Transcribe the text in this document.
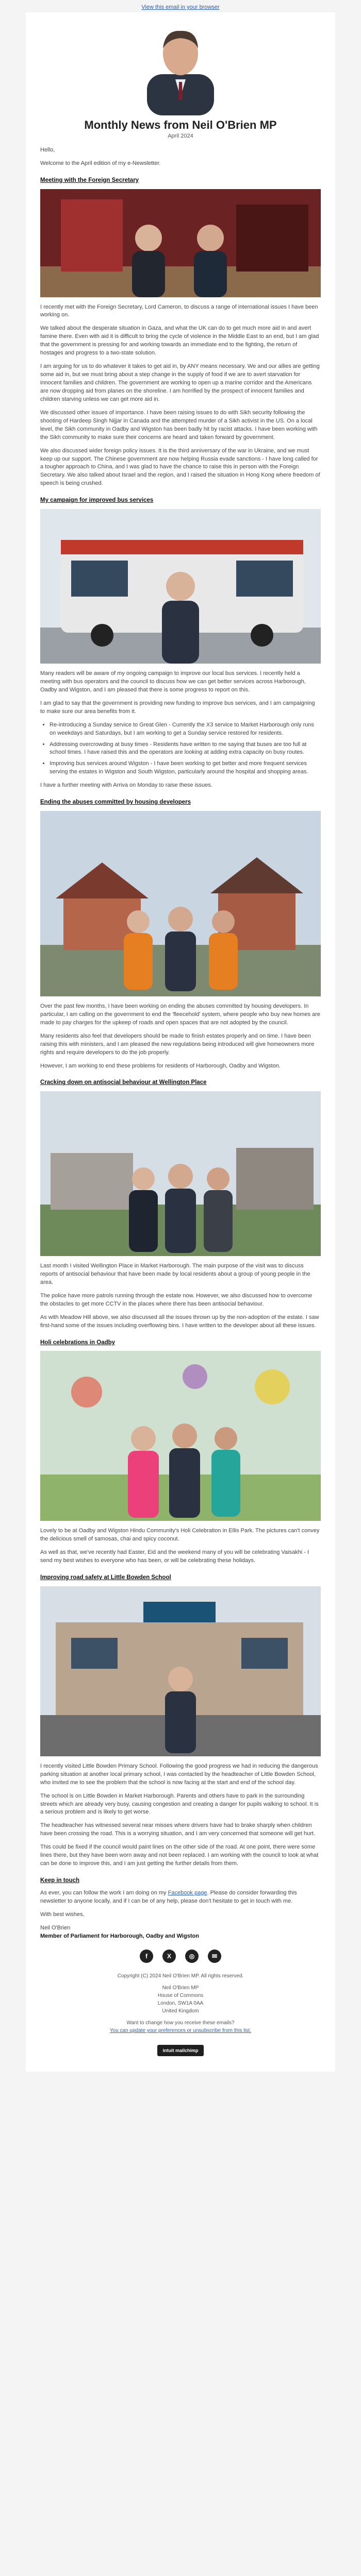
View this email in your browser
Monthly News from Neil O'Brien MP
April 2024

Hello,

Welcome to the April edition of my e-Newsletter.

Meeting with the Foreign Secretary

I recently met with the Foreign Secretary, Lord Cameron, to discuss a range of international issues I have been working on.

We talked about the desperate situation in Gaza, and what the UK can do to get much more aid in and avert famine there. Even with aid it is difficult to bring the cycle of violence in the Middle East to an end, but I am glad that the government is pressing for and working towards an immediate end to the fighting, the return of hostages and progress to a two-state solution.

I am arguing for us to do whatever it takes to get aid in, by ANY means necessary. We and our allies are getting some aid in, but we must bring about a step change in the supply of food if we are to avert starvation for innocent families and children. The government are working to open up a marine corridor and the Americans are now dropping aid from planes on the shoreline. I am horrified by the prospect of innocent families and children starving unless we can get more aid in.

We discussed other issues of importance. I have been raising issues to do with Sikh security following the shooting of Hardeep Singh Nijjar in Canada and the attempted murder of a Sikh activist in the US. On a local level, the Sikh community in Oadby and Wigston has been badly hit by racist attacks. I have been working with the Sikh community to make sure their concerns are heard and taken forward by government.

We also discussed wider foreign policy issues. It is the third anniversary of the war in Ukraine, and we must keep up our support. The Chinese government are now helping Russia evade sanctions - I have long called for a tougher approach to China, and I was glad to have the chance to raise this in person with the Foreign Secretary. We also talked about Israel and the region, and I raised the situation in Hong Kong where freedom of speech is being crushed.

My campaign for improved bus services

Many readers will be aware of my ongoing campaign to improve our local bus services. I recently held a meeting with bus operators and the council to discuss how we can get better services across Harborough, Oadby and Wigston, and I am pleased that there is some progress to report on this.

I am glad to say that the government is providing new funding to improve bus services, and I am campaigning to make sure our area benefits from it.

• Re-introducing a Sunday service to Great Glen - Currently the X3 service to Market Harborough only runs on weekdays and Saturdays, but I am working to get a Sunday service restored for residents.
• Addressing overcrowding at busy times - Residents have written to me saying that buses are too full at school times. I have raised this and the operators are looking at adding extra capacity on busy routes.
• Improving bus services around Wigston - I have been working to get better and more frequent services serving the estates in Wigston and South Wigston, particularly around the hospital and shopping areas.

I have a further meeting with Arriva on Monday to raise these issues.

Ending the abuses committed by housing developers

Over the past few months, I have been working on ending the abuses committed by housing developers. In particular, I am calling on the government to end the 'fleecehold' system, where people who buy new homes are made to pay charges for the upkeep of roads and open spaces that are not adopted by the council.

Many residents also feel that developers should be made to finish estates properly and on time. I have been raising this with ministers, and I am pleased the new regulations being introduced will give homeowners more rights and require developers to do the job properly.

However, I am working to end these problems for residents of Harborough, Oadby and Wigston.

Cracking down on antisocial behaviour at Wellington Place

Last month I visited Wellington Place in Market Harborough. The main purpose of the visit was to discuss reports of antisocial behaviour that have been made by local residents about a group of young people in the area.

The police have more patrols running through the estate now. However, we also discussed how to overcome the obstacles to get more CCTV in the places where there has been antisocial behaviour.

As with Meadow Hill above, we also discussed all the issues thrown up by the non-adoption of the estate. I saw first-hand some of the issues including overflowing bins. I have written to the developer about all these issues.

Holi celebrations in Oadby

Lovely to be at Oadby and Wigston Hindu Community's Holi Celebration in Ellis Park. The pictures can't convey the delicious smell of samosas, chai and spicy coconut.

As well as that, we've recently had Easter, Eid and the weekend many of you will be celebrating Vaisakhi - I send my best wishes to everyone who has been, or will be celebrating these holidays.

Improving road safety at Little Bowden School

I recently visited Little Bowden Primary School. Following the good progress we had in reducing the dangerous parking situation at another local primary school, I was contacted by the headteacher of Little Bowden School, who invited me to see the problem that the school is now facing at the start and end of the school day.

The school is on Little Bowden in Market Harborough. Parents and others have to park in the surrounding streets which are already very busy, causing congestion and creating a danger for pupils walking to school. It is a serious problem and is likely to get worse.

The headteacher has witnessed several near misses where drivers have had to brake sharply when children have been crossing the road. This is a worrying situation, and I am very concerned that someone will get hurt.

This could be fixed if the council would paint lines on the other side of the road. At one point, there were some lines there, but they have been worn away and not been replaced. I am working with the council to look at what can be done to improve this, and I am just getting the further details from them.

Keep in touch

As ever, you can follow the work I am doing on my Facebook page. Please do consider forwarding this newsletter to anyone locally, and if I can be of any help, please don't hesitate to get in touch with me.

With best wishes,

Neil O'Brien
Member of Parliament for Harborough, Oadby and Wigston
f	X	◎	✉
Copyright (C) 2024 Neil O'Brien MP. All rights reserved.
Neil O'Brien MP
House of Commons
London, SW1A 0AA
United Kingdom
Want to change how you receive these emails?
You can update your preferences or unsubscribe from this list.
intuit mailchimp
